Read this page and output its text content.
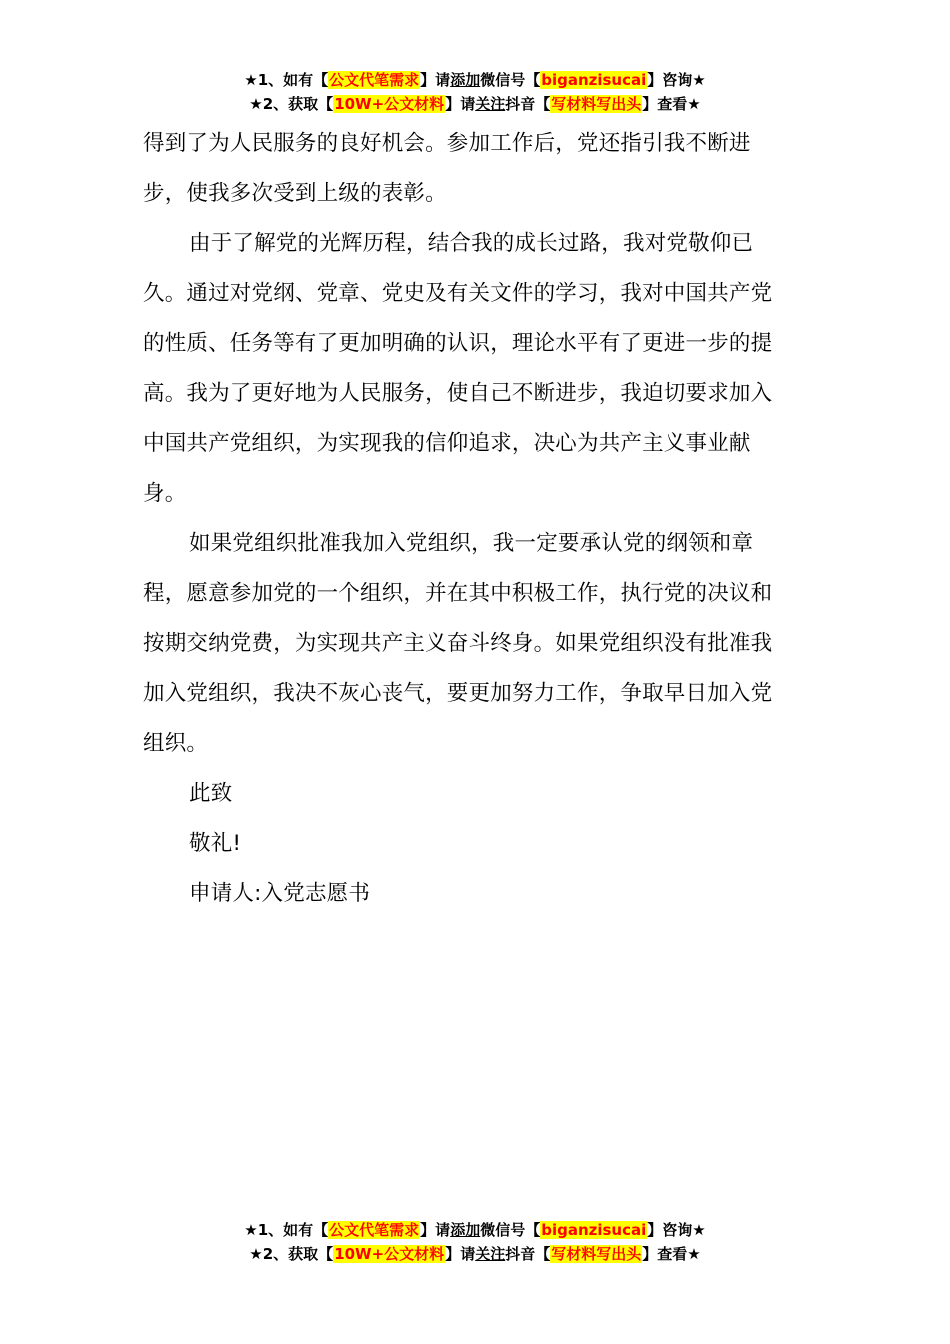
★1、如有【公文代笔需求】请添加微信号【biganzisucai】咨询★
★2、获取【10W+公文材料】请关注抖音【写材料写出头】查看★

得到了为人民服务的良好机会。参加工作后，党还指引我不断进

步，使我多次受到上级的表彰。

由于了解党的光辉历程，结合我的成长过路，我对党敬仰已

久。通过对党纲、党章、党史及有关文件的学习，我对中国共产党

的性质、任务等有了更加明确的认识，理论水平有了更进一步的提

高。我为了更好地为人民服务，使自己不断进步，我迫切要求加入

中国共产党组织，为实现我的信仰追求，决心为共产主义事业献

身。

如果党组织批准我加入党组织，我一定要承认党的纲领和章

程，愿意参加党的一个组织，并在其中积极工作，执行党的决议和

按期交纳党费，为实现共产主义奋斗终身。如果党组织没有批准我

加入党组织，我决不灰心丧气，要更加努力工作，争取早日加入党

组织。

此致

敬礼!

申请人:入党志愿书

★1、如有【公文代笔需求】请添加微信号【biganzisucai】咨询★
★2、获取【10W+公文材料】请关注抖音【写材料写出头】查看★
